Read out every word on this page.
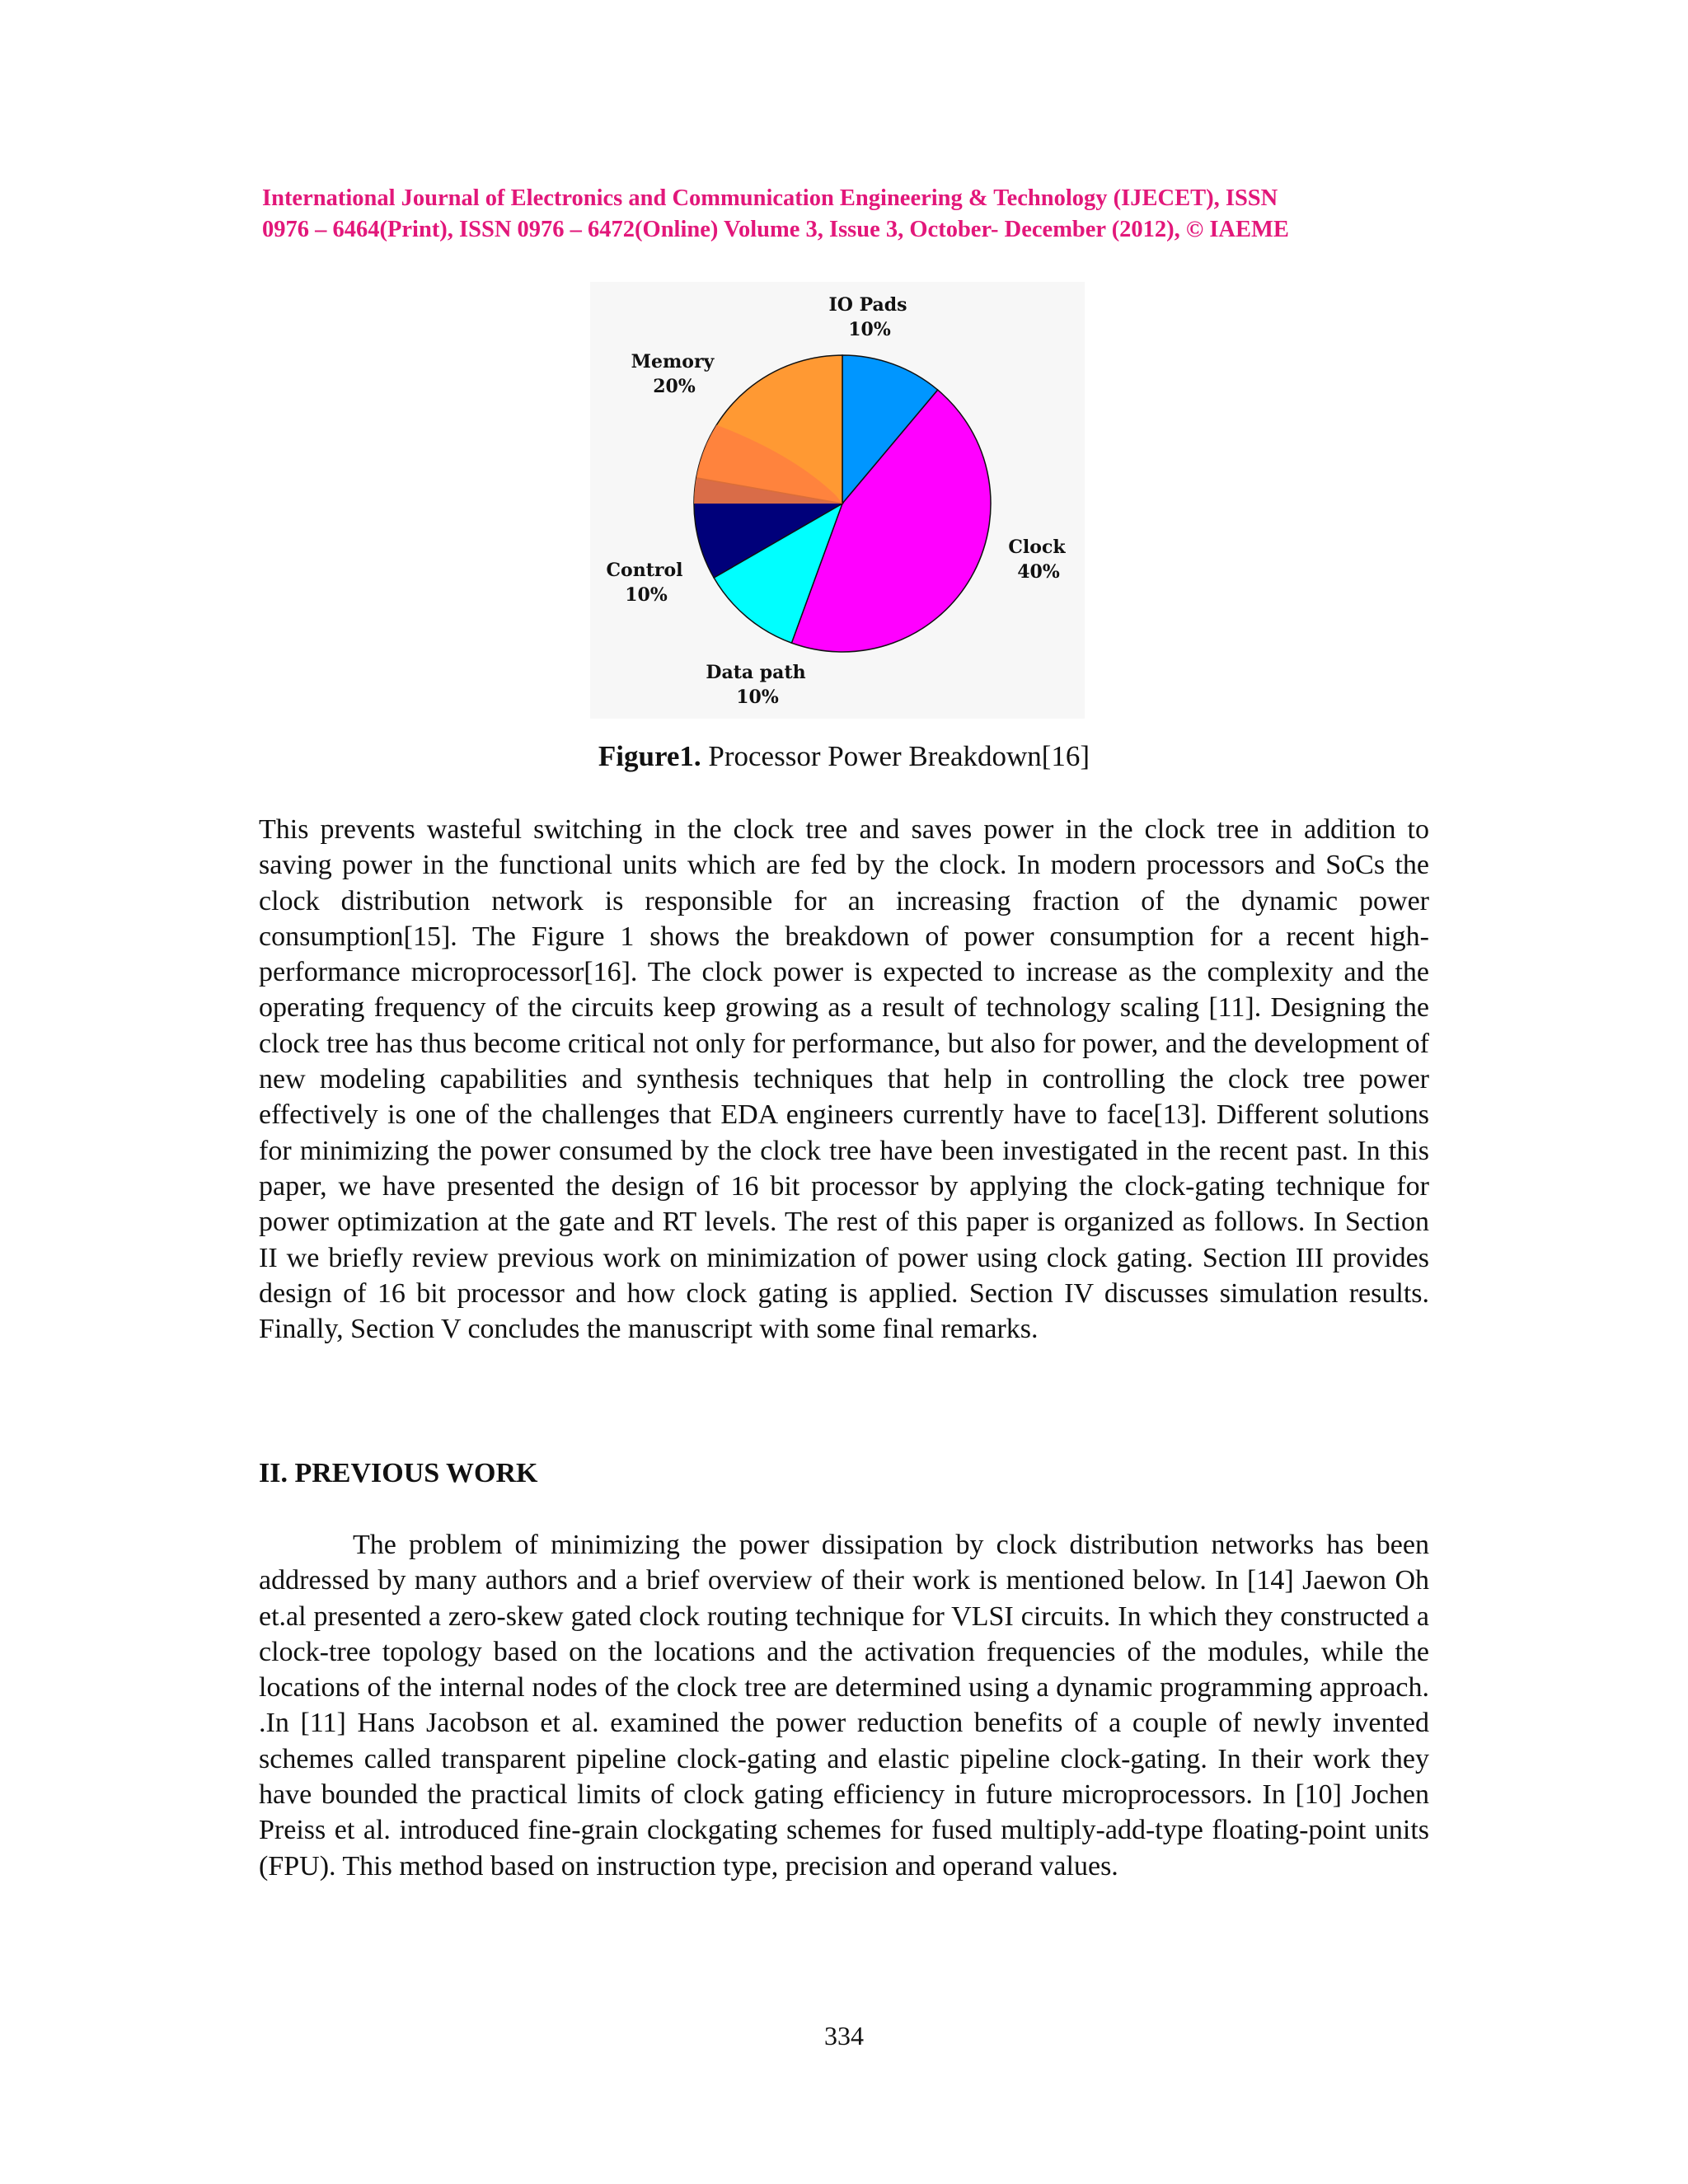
International Journal of Electronics and Communication Engineering & Technology (IJECET), ISSN
0976 – 6464(Print), ISSN 0976 – 6472(Online) Volume 3, Issue 3, October- December (2012), © IAEME
IO Pads
10%
Clock
40%
Data path
10%
Control
10%
Memory
20%

Figure1. Processor Power Breakdown[16]

This prevents wasteful switching in the clock tree and saves power in the clock tree in addition to saving power in the functional units which are fed by the clock. In modern processors and SoCs the clock distribution network is responsible for an increasing fraction of the dynamic power consumption[15]. The Figure 1 shows the breakdown of power consumption for a recent high-performance microprocessor[16]. The clock power is expected to increase as the complexity and the operating frequency of the circuits keep growing as a result of technology scaling [11]. Designing the clock tree has thus become critical not only for performance, but also for power, and the development of new modeling capabilities and synthesis techniques that help in controlling the clock tree power effectively is one of the challenges that EDA engineers currently have to face[13]. Different solutions for minimizing the power consumed by the clock tree have been investigated in the recent past. In this paper, we have presented the design of 16 bit processor by applying the clock-gating technique for power optimization at the gate and RT levels. The rest of this paper is organized as follows. In Section II we briefly review previous work on minimization of power using clock gating. Section III provides design of 16 bit processor and how clock gating is applied. Section IV discusses simulation results. Finally, Section V concludes the manuscript with some final remarks.

II. PREVIOUS WORK

The problem of minimizing the power dissipation by clock distribution networks has been addressed by many authors and a brief overview of their work is mentioned below. In [14] Jaewon Oh et.al presented a zero-skew gated clock routing technique for VLSI circuits. In which they constructed a clock-tree topology based on the locations and the activation frequencies of the modules, while the locations of the internal nodes of the clock tree are determined using a dynamic programming approach. .In [11] Hans Jacobson et al. examined the power reduction benefits of a couple of newly invented schemes called transparent pipeline clock-gating and elastic pipeline clock-gating. In their work they have bounded the practical limits of clock gating efficiency in future microprocessors. In [10] Jochen Preiss et al. introduced fine-grain clockgating schemes for fused multiply-add-type floating-point units (FPU). This method based on instruction type, precision and operand values.

334
